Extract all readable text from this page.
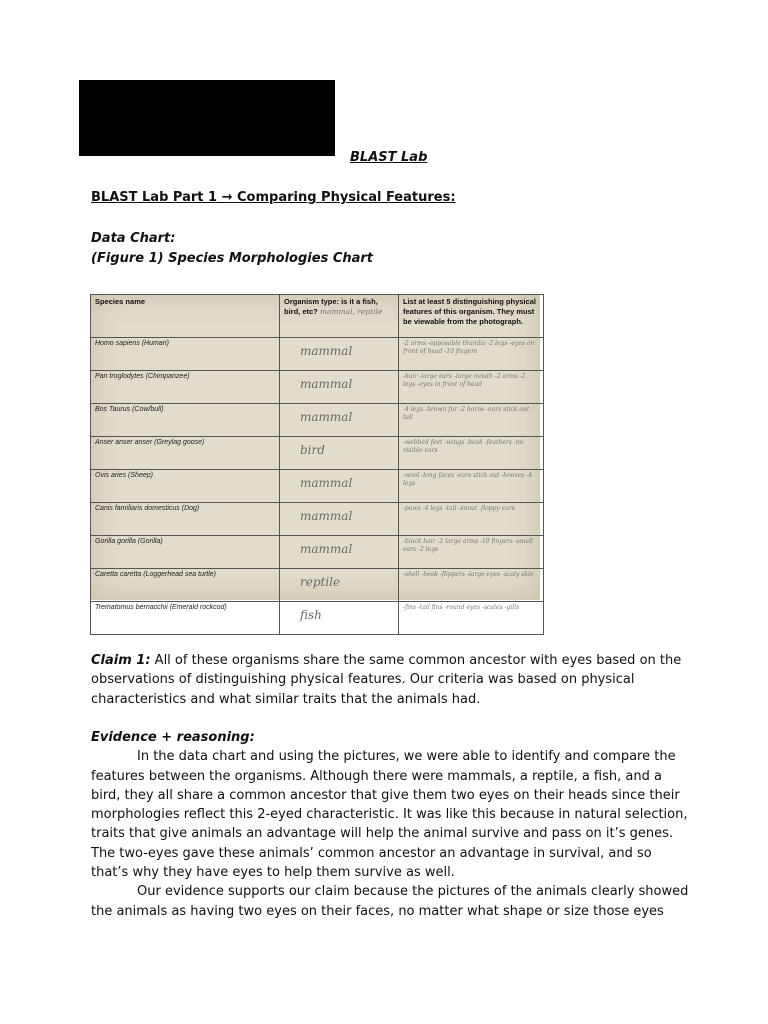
BLAST Lab
BLAST Lab Part 1 → Comparing Physical Features:
Data Chart:
(Figure 1) Species Morphologies Chart
Species name	Organism type: is it a fish, bird, etc? mammal, reptile	List at least 5 distinguishing physical features of this organism. They must be viewable from the photograph.
Homo sapiens (Human)	mammal	-2 arms -opposable thumbs -2 legs -eyes on front of head -10 fingers
Pan troglodytes (Chimpanzee)	mammal	-hair -large ears -large mouth -2 arms -2 legs -eyes in front of head
Bos Taurus (Cow/bull)	mammal	-4 legs -brown fur -2 horns -ears stick out -tail
Anser anser anser (Greylag goose)	bird	-webbed feet -wings -beak -feathers -no visible ears
Ovis aries (Sheep)	mammal	-wool -long faces -ears stick out -hooves -4 legs
Canis familiaris domesticus (Dog)	mammal	-paws -4 legs -tail -snout -floppy ears
Gorilla gorilla (Gorilla)	mammal	-black hair -2 large arms -10 fingers -small ears -2 legs
Caretta caretta (Loggerhead sea turtle)	reptile	-shell -beak -flippers -large eyes -scaly skin
Trematomus bernacchii (Emerald rockcod)	fish	-fins -tail fins -round eyes -scales -gills
Claim 1: All of these organisms share the same common ancestor with eyes based on the observations of distinguishing physical features. Our criteria was based on physical characteristics and what similar traits that the animals had.
Evidence + reasoning:
In the data chart and using the pictures, we were able to identify and compare the features between the organisms. Although there were mammals, a reptile, a fish, and a bird, they all share a common ancestor that give them two eyes on their heads since their morphologies reflect this 2-eyed characteristic. It was like this because in natural selection, traits that give animals an advantage will help the animal survive and pass on it’s genes. The two-eyes gave these animals’ common ancestor an advantage in survival, and so that’s why they have eyes to help them survive as well.
Our evidence supports our claim because the pictures of the animals clearly showed the animals as having two eyes on their faces, no matter what shape or size those eyes
